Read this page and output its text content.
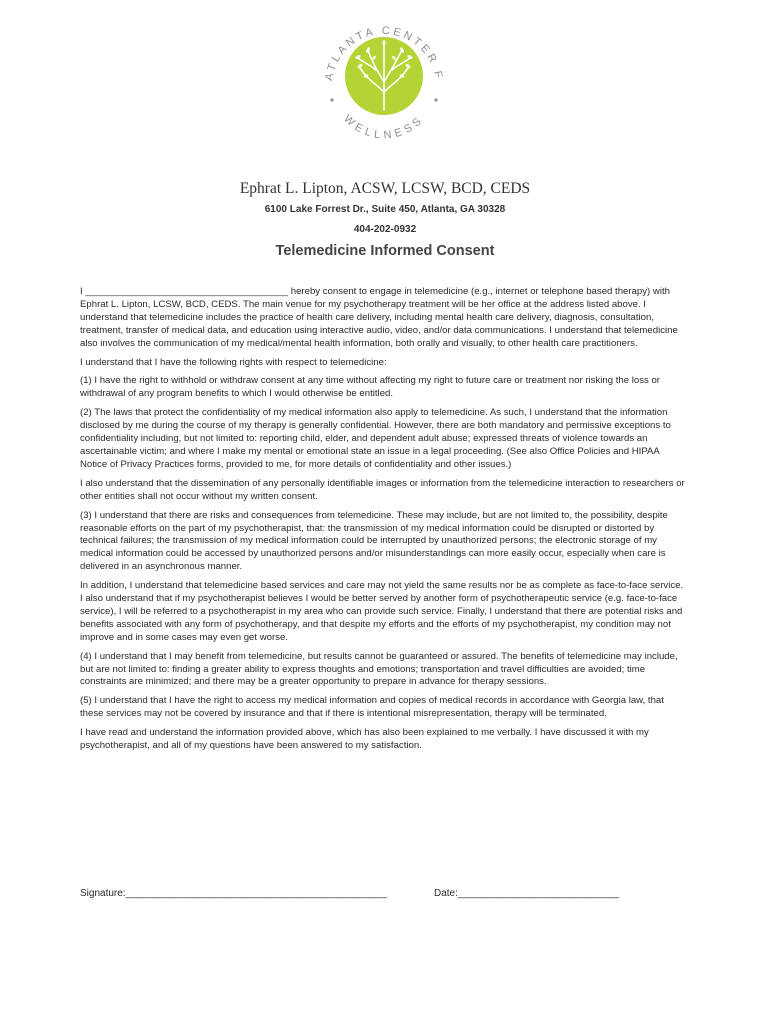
ATLANTA CENTER F
WELLNESS
Ephrat L. Lipton, ACSW, LCSW, BCD, CEDS
6100 Lake Forrest Dr., Suite 450, Atlanta, GA 30328
404-202-0932
Telemedicine Informed Consent

I ______________________________________ hereby consent to engage in telemedicine (e.g., internet or telephone based therapy) with Ephrat L. Lipton, LCSW, BCD, CEDS. The main venue for my psychotherapy treatment will be her office at the address listed above. I understand that telemedicine includes the practice of health care delivery, including mental health care delivery, diagnosis, consultation, treatment, transfer of medical data, and education using interactive audio, video, and/or data communications. I understand that telemedicine also involves the communication of my medical/mental health information, both orally and visually, to other health care practitioners.

I understand that I have the following rights with respect to telemedicine:

(1) I have the right to withhold or withdraw consent at any time without affecting my right to future care or treatment nor risking the loss or withdrawal of any program benefits to which I would otherwise be entitled.

(2) The laws that protect the confidentiality of my medical information also apply to telemedicine. As such, I understand that the information disclosed by me during the course of my therapy is generally confidential. However, there are both mandatory and permissive exceptions to confidentiality including, but not limited to: reporting child, elder, and dependent adult abuse; expressed threats of violence towards an ascertainable victim; and where I make my mental or emotional state an issue in a legal proceeding. (See also Office Policies and HIPAA Notice of Privacy Practices forms, provided to me, for more details of confidentiality and other issues.)

I also understand that the dissemination of any personally identifiable images or information from the telemedicine interaction to researchers or other entities shall not occur without my written consent.

(3) I understand that there are risks and consequences from telemedicine. These may include, but are not limited to, the possibility, despite reasonable efforts on the part of my psychotherapist, that: the transmission of my medical information could be disrupted or distorted by technical failures; the transmission of my medical information could be interrupted by unauthorized persons; the electronic storage of my medical information could be accessed by unauthorized persons and/or misunderstandings can more easily occur, especially when care is delivered in an asynchronous manner.

In addition, I understand that telemedicine based services and care may not yield the same results nor be as complete as face-to-face service. I also understand that if my psychotherapist believes I would be better served by another form of psychotherapeutic service (e.g. face-to-face service), I will be referred to a psychotherapist in my area who can provide such service. Finally, I understand that there are potential risks and benefits associated with any form of psychotherapy, and that despite my efforts and the efforts of my psychotherapist, my condition may not improve and in some cases may even get worse.

(4) I understand that I may benefit from telemedicine, but results cannot be guaranteed or assured. The benefits of telemedicine may include, but are not limited to: finding a greater ability to express thoughts and emotions; transportation and travel difficulties are avoided; time constraints are minimized; and there may be a greater opportunity to prepare in advance for therapy sessions.

(5) I understand that I have the right to access my medical information and copies of medical records in accordance with Georgia law, that these services may not be covered by insurance and that if there is intentional misrepresentation, therapy will be terminated.

I have read and understand the information provided above, which has also been explained to me verbally. I have discussed it with my psychotherapist, and all of my questions have been answered to my satisfaction.

Signature:_______________________________________________	Date:_____________________________
